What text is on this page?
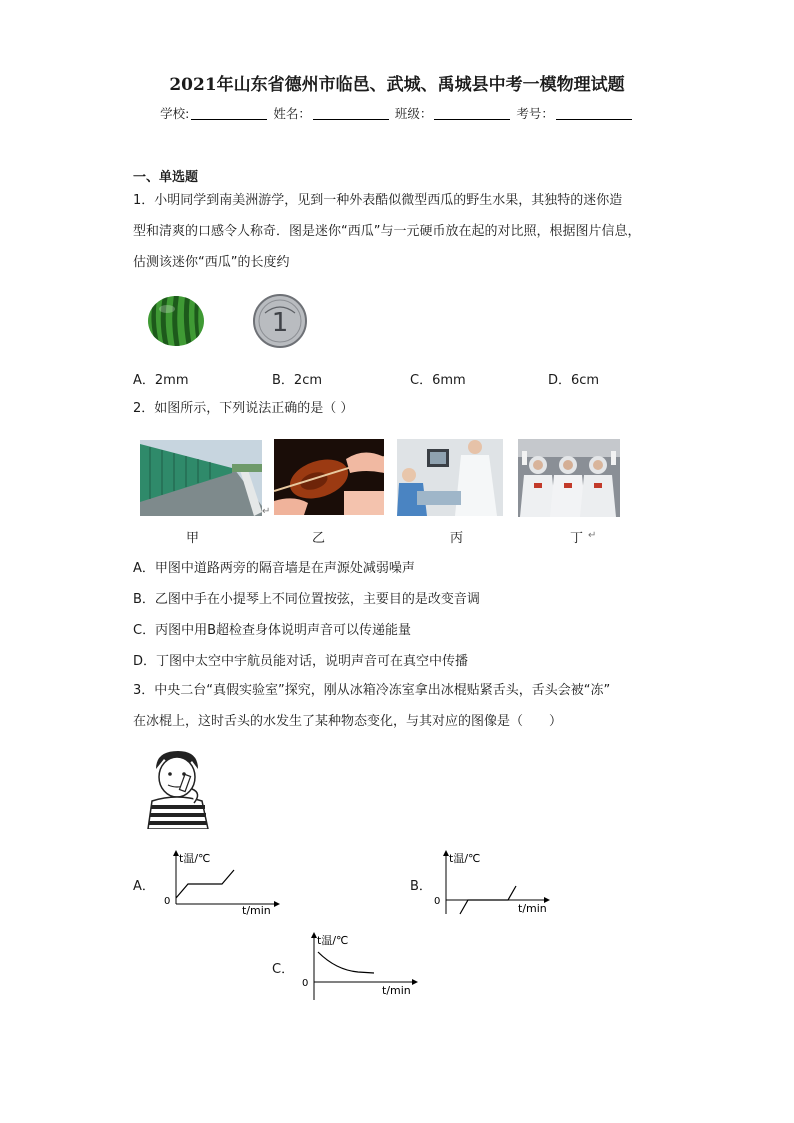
2021年山东省德州市临邑、武城、禹城县中考一模物理试题
学校:	姓名：	班级：	考号：
一、单选题
1．小明同学到南美洲游学，见到一种外表酷似微型西瓜的野生水果，其独特的迷你造
型和清爽的口感令人称奇．图是迷你“西瓜”与一元硬币放在起的对比照，根据图片信息，
估测该迷你“西瓜”的长度约
1
A．2mm	B．2cm	C．6mm	D．6cm
2．如图所示，下列说法正确的是（ ）
↵
甲	乙	丙	丁 ↵
A．甲图中道路两旁的隔音墙是在声源处减弱噪声
B．乙图中手在小提琴上不同位置按弦，主要目的是改变音调
C．丙图中用B超检查身体说明声音可以传递能量
D．丁图中太空中宇航员能对话，说明声音可在真空中传播
3．中央二台“真假实验室”探究，刚从冰箱冷冻室拿出冰棍贴紧舌头，舌头会被“冻”
在冰棍上，这时舌头的水发生了某种物态变化，与其对应的图像是（　　）
A．
t温/℃
t/min
0
B．
t温/℃
t/min
0
C．
t温/℃
t/min
0
